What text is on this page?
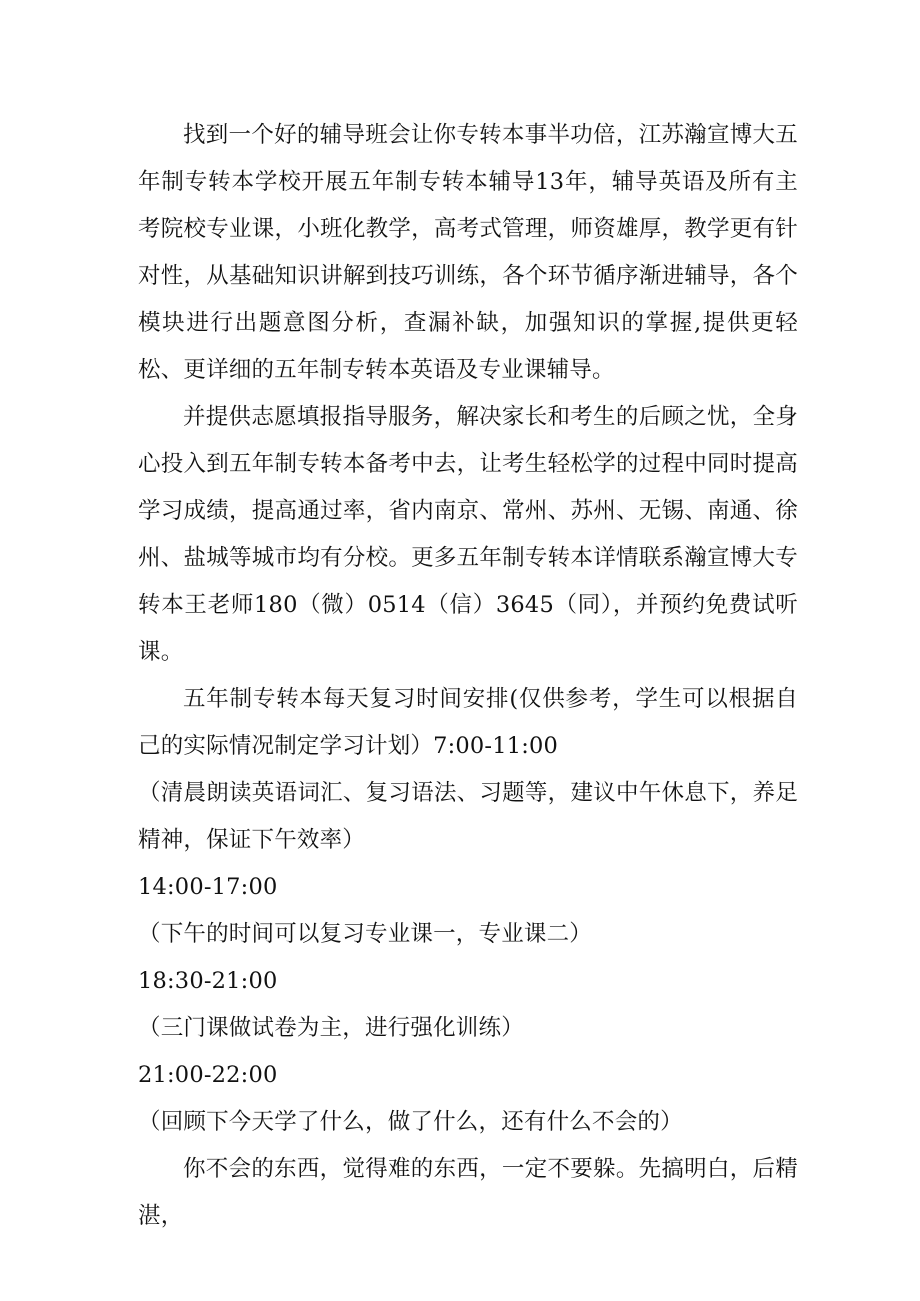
找到一个好的辅导班会让你专转本事半功倍，江苏瀚宣博大五年制专转本学校开展五年制专转本辅导13年，辅导英语及所有主考院校专业课，小班化教学，高考式管理，师资雄厚，教学更有针对性，从基础知识讲解到技巧训练，各个环节循序渐进辅导，各个模块进行出题意图分析，查漏补缺，加强知识的掌握,提供更轻松、更详细的五年制专转本英语及专业课辅导。

并提供志愿填报指导服务，解决家长和考生的后顾之忧，全身心投入到五年制专转本备考中去，让考生轻松学的过程中同时提高学习成绩，提高通过率，省内南京、常州、苏州、无锡、南通、徐州、盐城等城市均有分校。更多五年制专转本详情联系瀚宣博大专转本王老师180（微）0514（信）3645（同），并预约免费试听课。

五年制专转本每天复习时间安排(仅供参考，学生可以根据自己的实际情况制定学习计划）7:00-11:00

（清晨朗读英语词汇、复习语法、习题等，建议中午休息下，养足精神，保证下午效率）

14:00-17:00

（下午的时间可以复习专业课一，专业课二）

18:30-21:00

（三门课做试卷为主，进行强化训练）

21:00-22:00

（回顾下今天学了什么，做了什么，还有什么不会的）

你不会的东西，觉得难的东西，一定不要躲。先搞明白，后精湛，
